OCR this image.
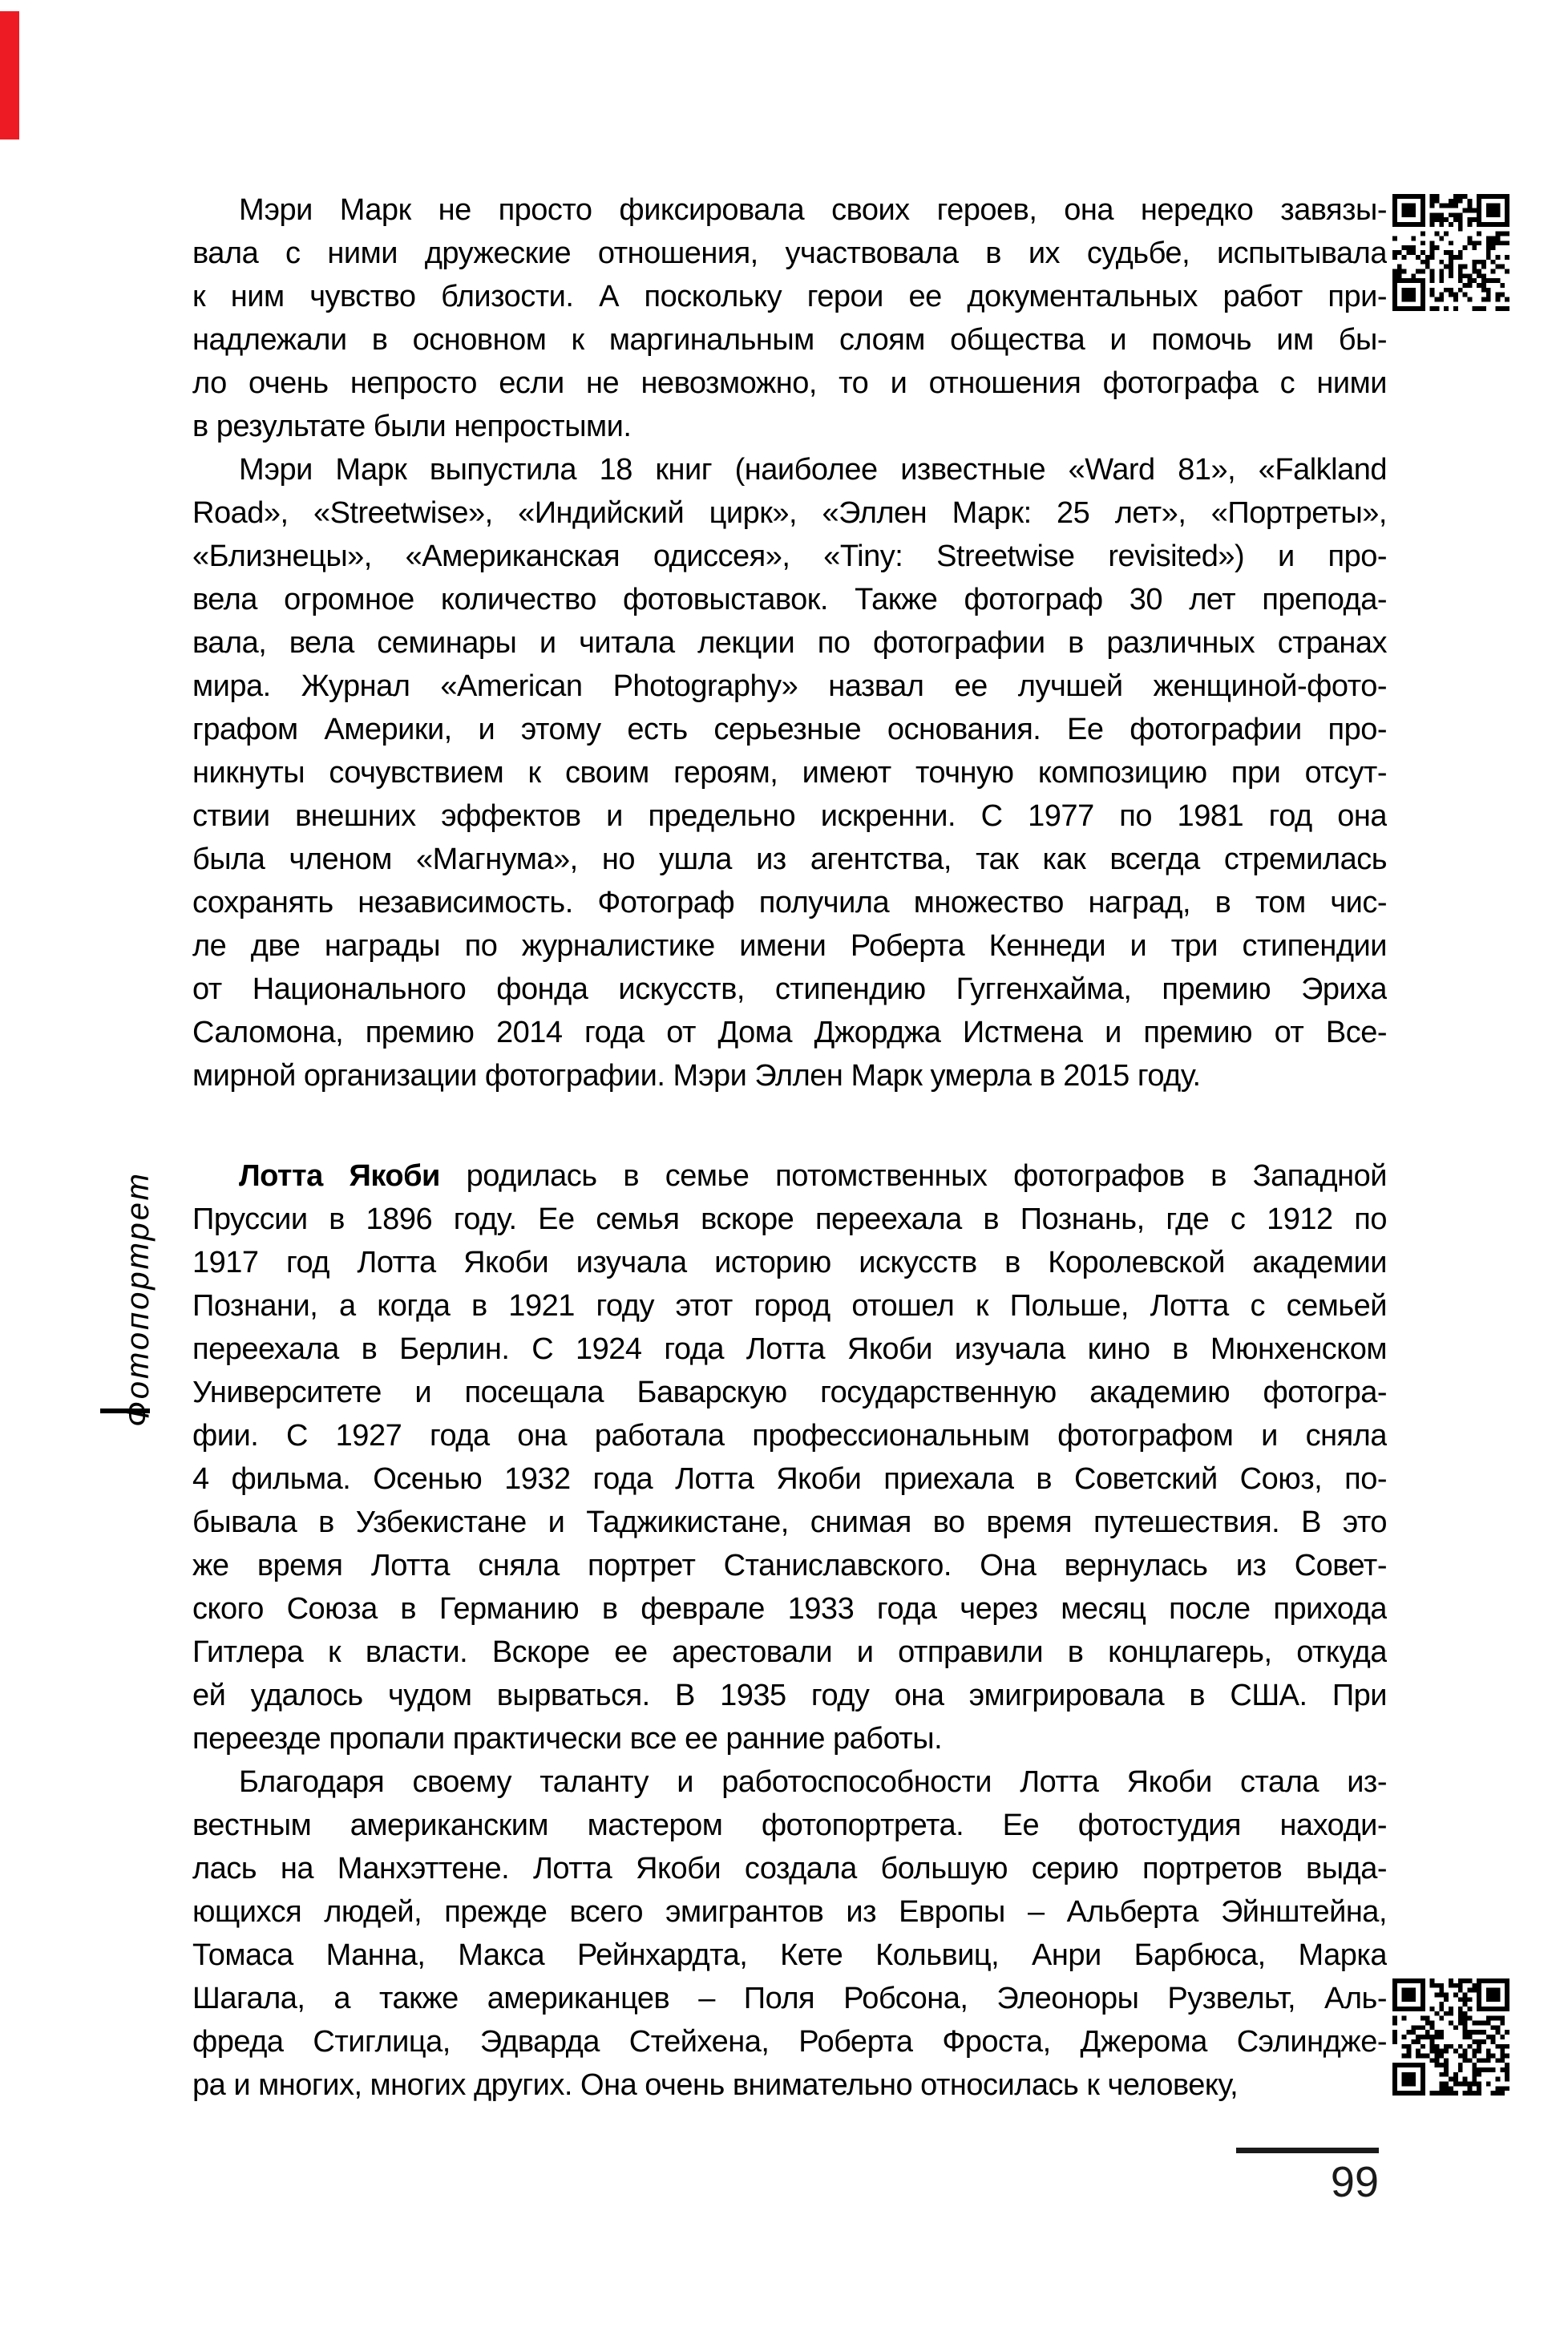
Фотопортрет
Мэри Марк не просто фиксировала своих героев, она нередко завязы-
вала с ними дружеские отношения, участвовала в их судьбе, испытывала
к ним чувство близости. А поскольку герои ее документальных работ при-
надлежали в основном к маргинальным слоям общества и помочь им бы-
ло очень непросто если не невозможно, то и отношения фотографа с ними
в результате были непростыми.
Мэри Марк выпустила 18 книг (наиболее известные «Ward 81», «Falkland
Road», «Streetwise», «Индийский цирк», «Эллен Марк: 25 лет», «Портреты»,
«Близнецы», «Американская одиссея», «Tiny: Streetwise revisited») и про-
вела огромное количество фотовыставок. Также фотограф 30 лет препода-
вала, вела семинары и читала лекции по фотографии в различных странах
мира. Журнал «American Photography» назвал ее лучшей женщиной-фото-
графом Америки, и этому есть серьезные основания. Ее фотографии про-
никнуты сочувствием к своим героям, имеют точную композицию при отсут-
ствии внешних эффектов и предельно искренни. С 1977 по 1981 год она
была членом «Магнума», но ушла из агентства, так как всегда стремилась
сохранять независимость. Фотограф получила множество наград, в том чис-
ле две награды по журналистике имени Роберта Кеннеди и три стипендии
от Национального фонда искусств, стипендию Гуггенхайма, премию Эриха
Саломона, премию 2014 года от Дома Джорджа Истмена и премию от Все-
мирной организации фотографии. Мэри Эллен Марк умерла в 2015 году.
Лотта Якоби родилась в семье потомственных фотографов в Западной
Пруссии в 1896 году. Ее семья вскоре переехала в Познань, где с 1912 по
1917 год Лотта Якоби изучала историю искусств в Королевской академии
Познани, а когда в 1921 году этот город отошел к Польше, Лотта с семьей
переехала в Берлин. С 1924 года Лотта Якоби изучала кино в Мюнхенском
Университете и посещала Баварскую государственную академию фотогра-
фии. С 1927 года она работала профессиональным фотографом и сняла
4 фильма. Осенью 1932 года Лотта Якоби приехала в Советский Союз, по-
бывала в Узбекистане и Таджикистане, снимая во время путешествия. В это
же время Лотта сняла портрет Станиславского. Она вернулась из Совет-
ского Союза в Германию в феврале 1933 года через месяц после прихода
Гитлера к власти. Вскоре ее арестовали и отправили в концлагерь, откуда
ей удалось чудом вырваться. В 1935 году она эмигрировала в США. При
переезде пропали практически все ее ранние работы.
Благодаря своему таланту и работоспособности Лотта Якоби стала из-
вестным американским мастером фотопортрета. Ее фотостудия находи-
лась на Манхэттене. Лотта Якоби создала большую серию портретов выда-
ющихся людей, прежде всего эмигрантов из Европы – Альберта Эйнштейна,
Томаса Манна, Макса Рейнхардта, Кете Кольвиц, Анри Барбюса, Марка
Шагала, а также американцев – Поля Робсона, Элеоноры Рузвельт, Аль-
фреда Стиглица, Эдварда Стейхена, Роберта Фроста, Джерома Сэлиндже-
ра и многих, многих других. Она очень внимательно относилась к человеку,
99
